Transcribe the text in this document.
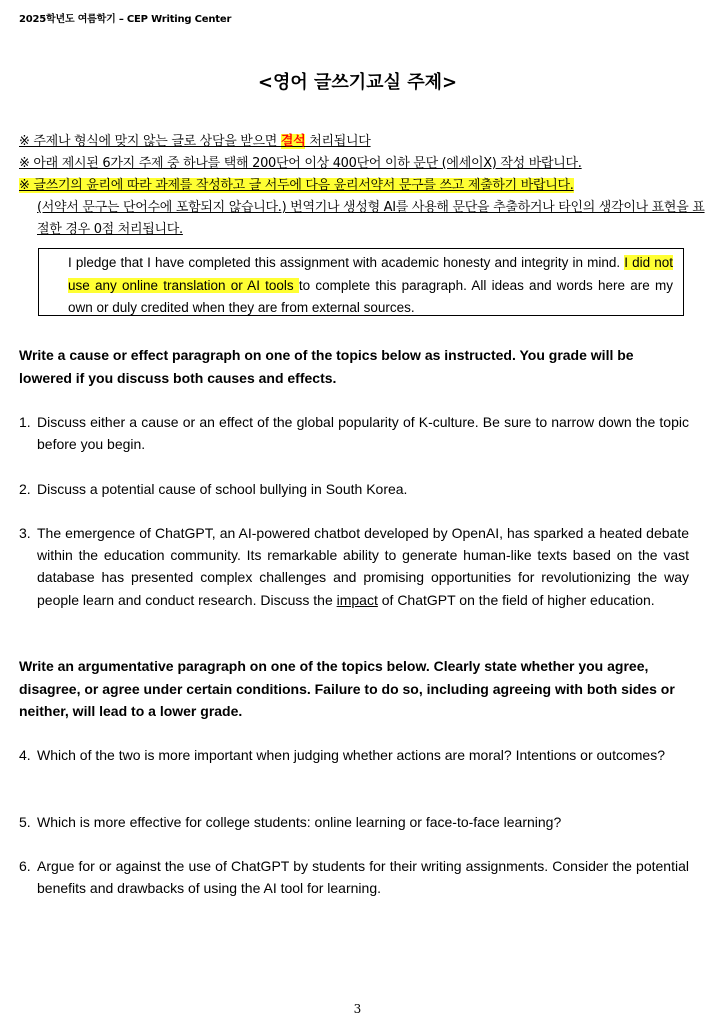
2025학년도 여름학기 – CEP Writing Center
<영어 글쓰기교실 주제>
※ 주제나 형식에 맞지 않는 글로 상담을 받으면 결석 처리됩니다
※ 아래 제시된 6가지 주제 중 하나를 택해 200단어 이상 400단어 이하 문단 (에세이X) 작성 바랍니다.
※ 글쓰기의 윤리에 따라 과제를 작성하고 글 서두에 다음 윤리서약서 문구를 쓰고 제출하기 바랍니다.
(서약서 문구는 단어수에 포함되지 않습니다.) 번역기나 생성형 AI를 사용해 문단을 추출하거나 타인의 생각이나 표현을 표절한 경우 0점 처리됩니다.
I pledge that I have completed this assignment with academic honesty and integrity in mind. I did not use any online translation or AI tools to complete this paragraph. All ideas and words here are my own or duly credited when they are from external sources.
Write a cause or effect paragraph on one of the topics below as instructed. You grade will be lowered if you discuss both causes and effects.
1. Discuss either a cause or an effect of the global popularity of K-culture. Be sure to narrow down the topic before you begin.
2. Discuss a potential cause of school bullying in South Korea.
3. The emergence of ChatGPT, an AI-powered chatbot developed by OpenAI, has sparked a heated debate within the education community. Its remarkable ability to generate human-like texts based on the vast database has presented complex challenges and promising opportunities for revolutionizing the way people learn and conduct research. Discuss the impact of ChatGPT on the field of higher education.
Write an argumentative paragraph on one of the topics below. Clearly state whether you agree, disagree, or agree under certain conditions. Failure to do so, including agreeing with both sides or neither, will lead to a lower grade.
4. Which of the two is more important when judging whether actions are moral? Intentions or outcomes?
5. Which is more effective for college students: online learning or face-to-face learning?
6. Argue for or against the use of ChatGPT by students for their writing assignments. Consider the potential benefits and drawbacks of using the AI tool for learning.
3
